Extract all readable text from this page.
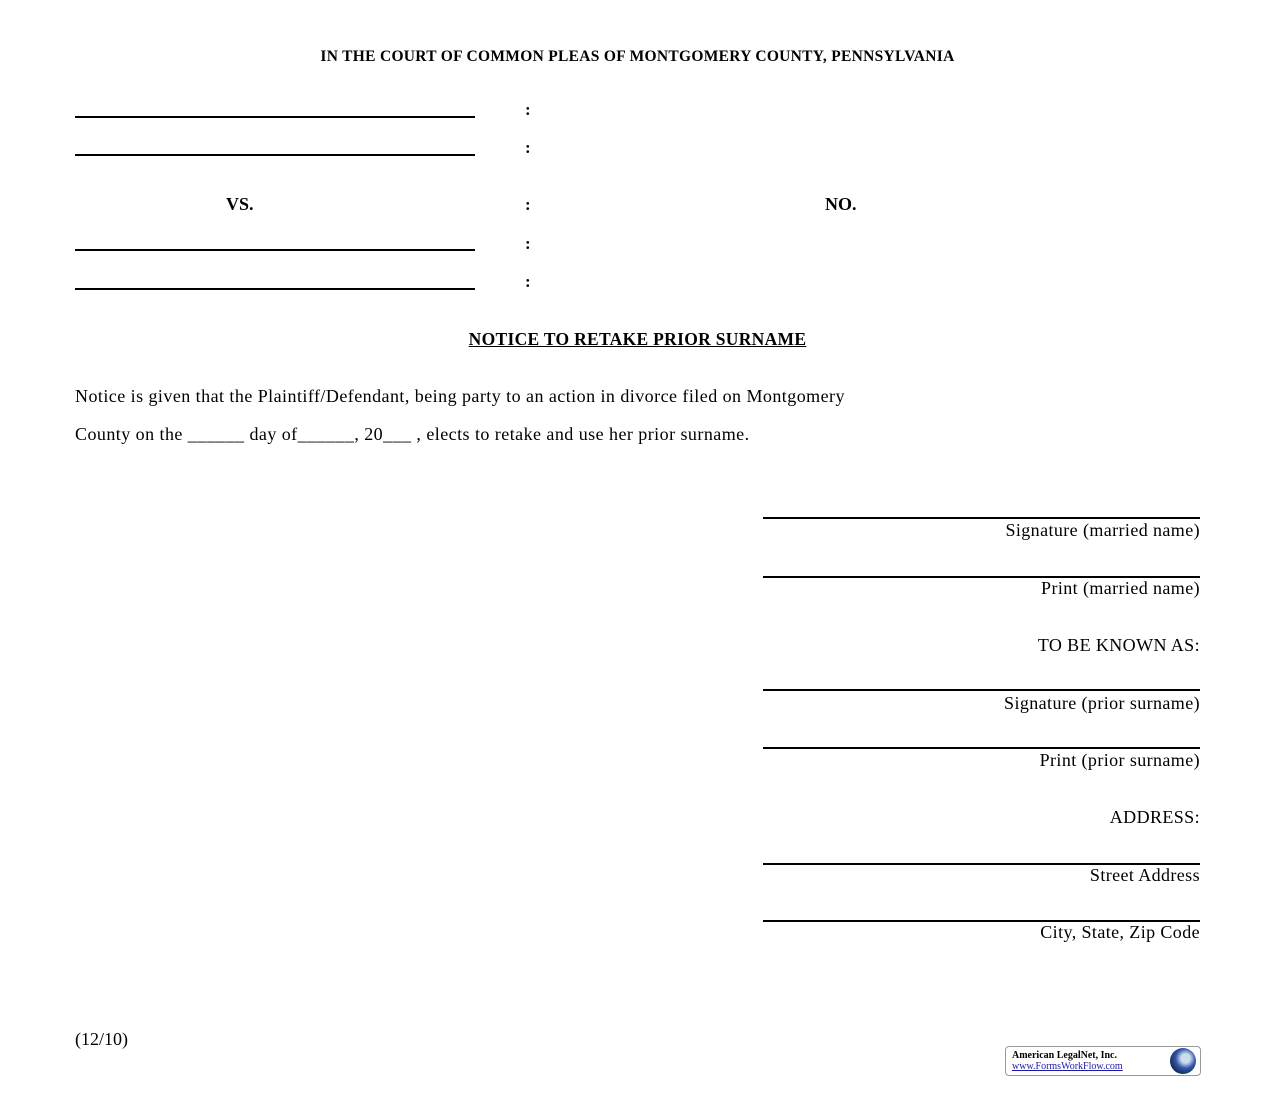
IN THE COURT OF COMMON PLEAS OF MONTGOMERY COUNTY, PENNSYLVANIA
:
:
:
:
:
VS.	NO.
NOTICE TO RETAKE PRIOR SURNAME
Notice is given that the Plaintiff/Defendant, being party to an action in divorce filed on Montgomery
County on the ______ day of______, 20___ , elects to retake and use her prior surname.
Signature (married name)
Print (married name)
TO BE KNOWN AS:
Signature (prior surname)
Print (prior surname)
ADDRESS:
Street Address
City, State, Zip Code
(12/10)
American LegalNet, Inc.
www.FormsWorkFlow.com
